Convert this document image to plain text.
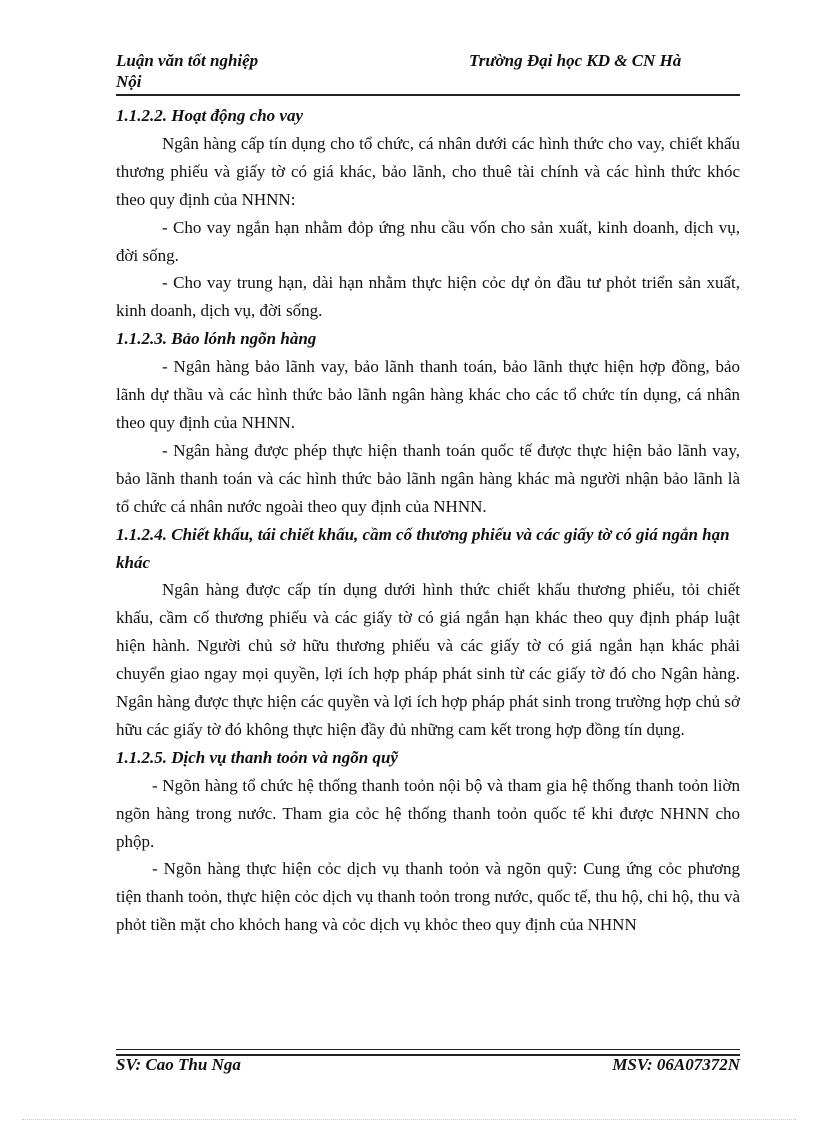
Luận văn tốt nghiệp
Nội
Trường Đại học KD & CN Hà
1.1.2.2. Hoạt động cho vay

Ngân hàng cấp tín dụng cho tổ chức, cá nhân dưới các hình thức cho vay, chiết khấu thương phiếu và giấy tờ có giá khác, bảo lãnh, cho thuê tài chính và các hình thức khóc theo quy định của NHNN:

- Cho vay ngắn hạn nhằm đỏp ứng nhu cầu vốn cho sản xuất, kinh doanh, dịch vụ, đời sống.

- Cho vay trung hạn, dài hạn nhằm thực hiện cỏc dự ỏn đầu tư phỏt triển sản xuất, kinh doanh, dịch vụ, đời sống.

1.1.2.3. Bảo lónh ngõn hàng

- Ngân hàng bảo lãnh vay, bảo lãnh thanh toán, bảo lãnh thực hiện hợp đồng, bảo lãnh dự thầu và các hình thức bảo lãnh ngân hàng khác cho các tổ chức tín dụng, cá nhân theo quy định của NHNN.

- Ngân hàng được phép thực hiện thanh toán quốc tế được thực hiện bảo lãnh vay, bảo lãnh thanh toán và các hình thức bảo lãnh ngân hàng khác mà người nhận bảo lãnh là tổ chức cá nhân nước ngoài theo quy định của NHNN.

1.1.2.4. Chiết khấu, tái chiết khấu, cầm cố thương phiếu và các giấy tờ có giá ngắn hạn khác

Ngân hàng được cấp tín dụng dưới hình thức chiết khấu thương phiếu, tỏi chiết khấu, cầm cố thương phiếu và các giấy tờ có giá ngắn hạn khác theo quy định pháp luật hiện hành. Người chủ sở hữu thương phiếu và các giấy tờ có giá ngắn hạn khác phải chuyển giao ngay mọi quyền, lợi ích hợp pháp phát sinh từ các giấy tờ đó cho Ngân hàng. Ngân hàng được thực hiện các quyền và lợi ích hợp pháp phát sinh trong trường hợp chủ sở hữu các giấy tờ đó không thực hiện đầy đủ những cam kết trong hợp đồng tín dụng.

1.1.2.5. Dịch vụ thanh toỏn và ngõn quỹ

- Ngõn hàng tổ chức hệ thống thanh toỏn nội bộ và tham gia hệ thống thanh toỏn liờn ngõn hàng trong nước. Tham gia cỏc hệ thống thanh toỏn quốc tế khi được NHNN cho phộp.

- Ngõn hàng thực hiện cỏc dịch vụ thanh toỏn và ngõn quỹ: Cung ứng cỏc phương tiện thanh toỏn, thực hiện cỏc dịch vụ thanh toỏn trong nước, quốc tế, thu hộ, chi hộ, thu và phỏt tiền mặt cho khỏch hang và cỏc dịch vụ khỏc theo quy định của NHNN

SV: Cao Thu Nga	MSV: 06A07372N
